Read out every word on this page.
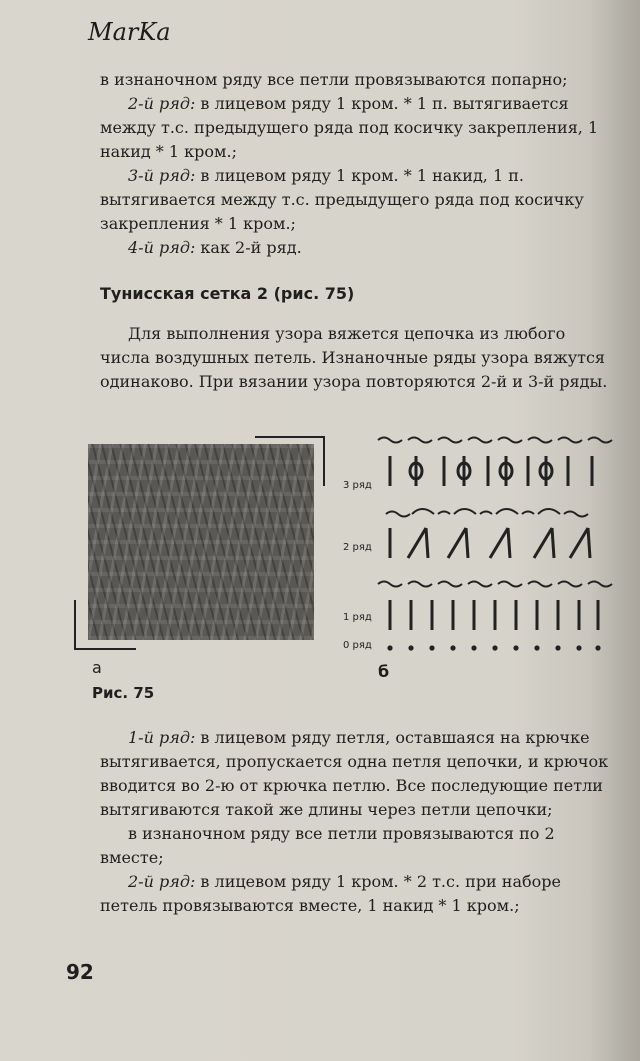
MarKa

в изнаночном ряду все петли провязываются попарно;

2-й ряд: в лицевом ряду 1 кром. * 1 п. вытягивается между т.с. предыдущего ряда под косичку закрепления, 1 накид * 1 кром.;

3-й ряд: в лицевом ряду 1 кром. * 1 накид, 1 п. вытягивается между т.с. предыдущего ряда под косичку закрепления * 1 кром.;

4-й ряд: как 2-й ряд.

Тунисская сетка 2 (рис. 75)

Для выполнения узора вяжется цепочка из любого числа воздушных петель. Изнаночные ряды узора вяжутся одинаково. При вязании узора повторяются 2-й и 3-й ряды.

а
3 ряд
2 ряд
1 ряд
0 ряд
б
Рис. 75

1-й ряд: в лицевом ряду петля, оставшаяся на крючке вытягивается, пропускается одна петля цепочки, и крючок вводится во 2-ю от крючка петлю. Все последующие петли вытягиваются такой же длины через петли цепочки;

в изнаночном ряду все петли провязываются по 2 вместе;

2-й ряд: в лицевом ряду 1 кром. * 2 т.с. при наборе петель провязываются вместе, 1 накид * 1 кром.;

92
